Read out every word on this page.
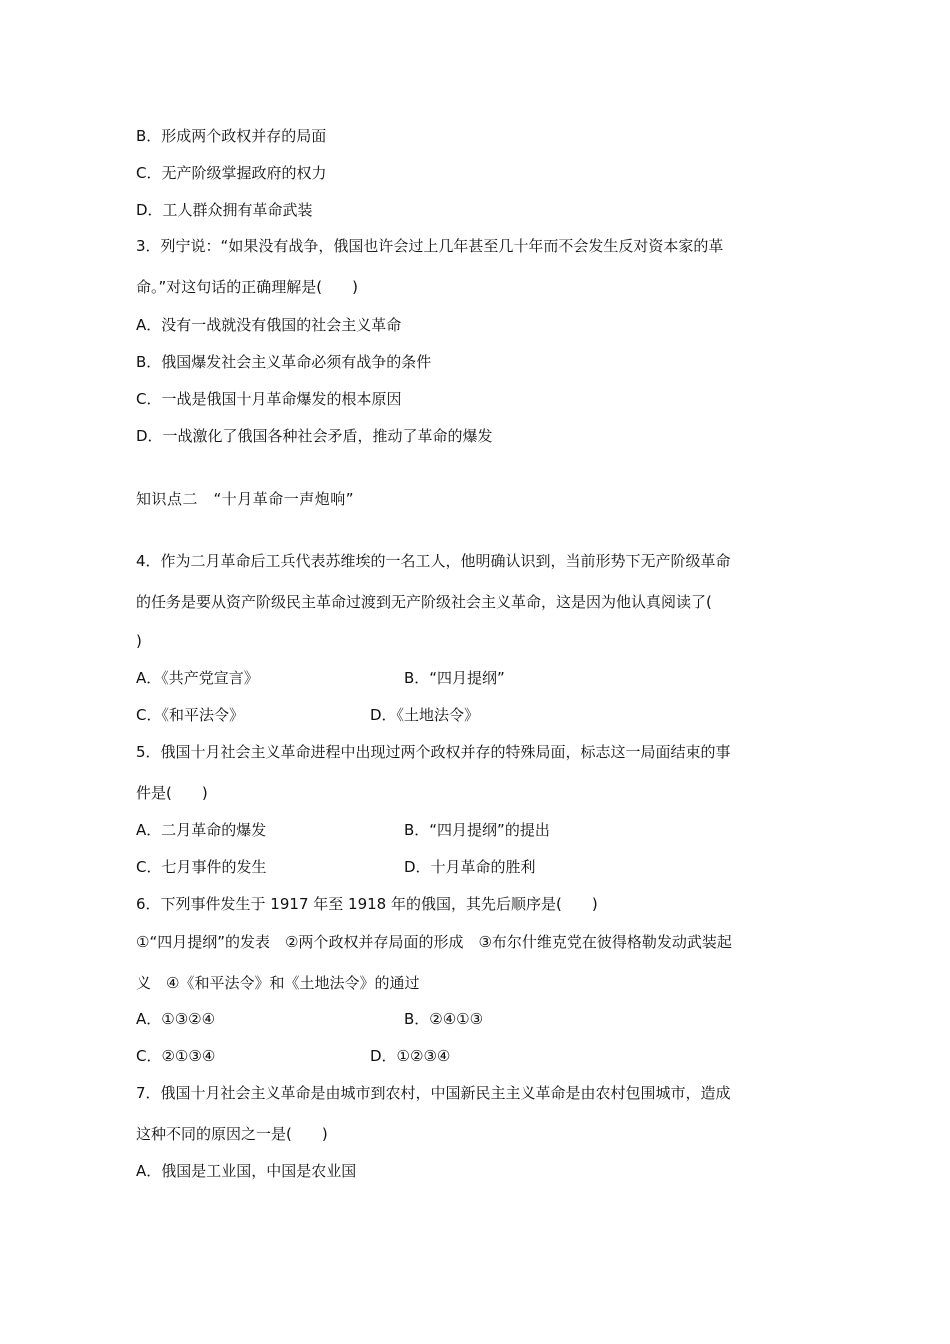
B．形成两个政权并存的局面
C．无产阶级掌握政府的权力
D．工人群众拥有革命武装
3．列宁说：“如果没有战争，俄国也许会过上几年甚至几十年而不会发生反对资本家的革
命。”对这句话的正确理解是(　　)
A．没有一战就没有俄国的社会主义革命
B．俄国爆发社会主义革命必须有战争的条件
C．一战是俄国十月革命爆发的根本原因
D．一战激化了俄国各种社会矛盾，推动了革命的爆发
知识点二　“十月革命一声炮响”
4．作为二月革命后工兵代表苏维埃的一名工人，他明确认识到，当前形势下无产阶级革命
的任务是要从资产阶级民主革命过渡到无产阶级社会主义革命，这是因为他认真阅读了(
)
A．《共产党宣言》	B．“四月提纲”
C．《和平法令》	D．《土地法令》
5．俄国十月社会主义革命进程中出现过两个政权并存的特殊局面，标志这一局面结束的事
件是(　　)
A．二月革命的爆发	B．“四月提纲”的提出
C．七月事件的发生	D．十月革命的胜利
6．下列事件发生于 1917 年至 1918 年的俄国，其先后顺序是(　　)
①“四月提纲”的发表　②两个政权并存局面的形成　③布尔什维克党在彼得格勒发动武装起
义　④《和平法令》和《土地法令》的通过
A．①③②④	B．②④①③
C．②①③④	D．①②③④
7．俄国十月社会主义革命是由城市到农村，中国新民主主义革命是由农村包围城市，造成
这种不同的原因之一是(　　)
A．俄国是工业国，中国是农业国
